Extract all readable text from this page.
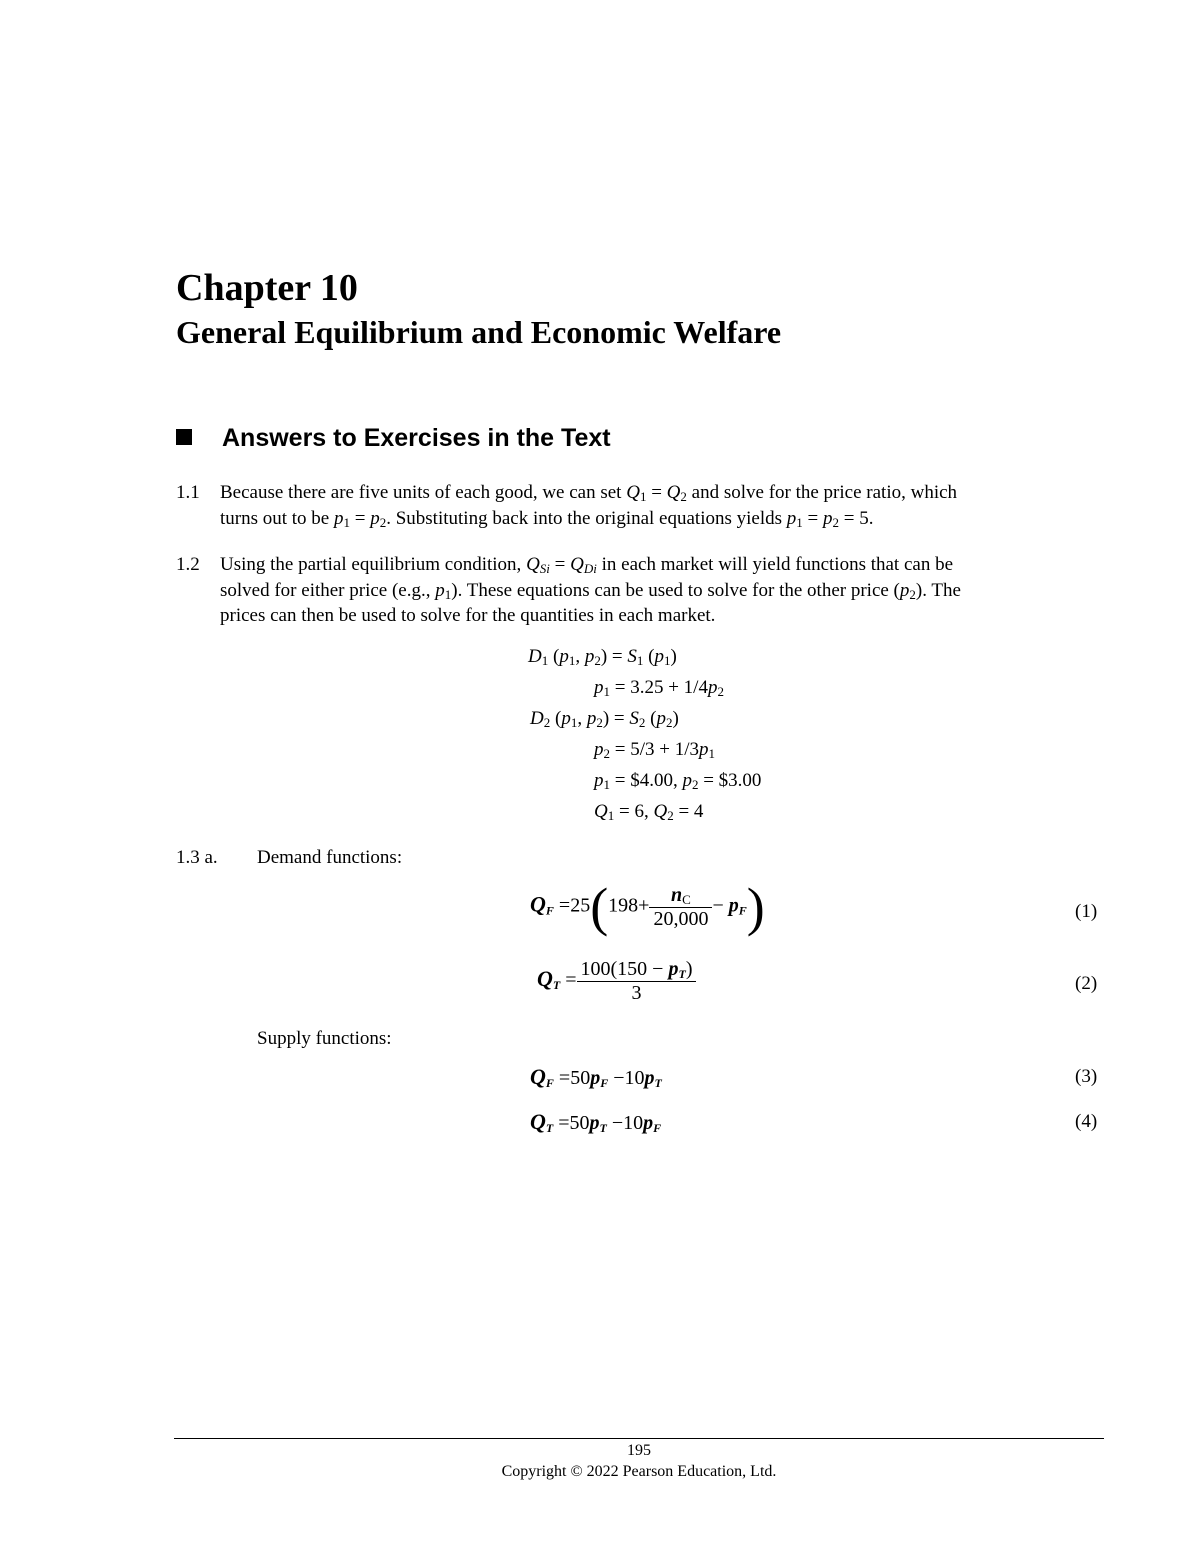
Chapter 10
General Equilibrium and Economic Welfare
Answers to Exercises in the Text
1.1 Because there are five units of each good, we can set $Q_1 = Q_2$ and solve for the price ratio, which
turns out to be $p_1 = p_2$. Substituting back into the original equations yields $p_1 = p_2 = 5$.
1.2 Using the partial equilibrium condition, $Q_{Si} = Q_{Di}$ in each market will yield functions that can be
solved for either price (e.g., $p_1$). These equations can be used to solve for the other price $(p_2)$. The
prices can then be used to solve for the quantities in each market.
$D_1$ ($p_1$, $p_2) = S_1$ $(p_1)$
$p_1 = 3.25 + 1/4p_2$
$D_2$ ($p_1$, $p_2) = S_2$ $(p_2)$
$p_2 = 5/3 + 1/3p_1$
$p_1$ = $4.00, $p_2$ = $3.00
$Q_1 = 6$, $Q_2 = 4$
1.3 a. Demand functions:
$Q_F =25(198+ \frac{n_C}{20,000} - p_F)$	(1)
$Q_T = \frac{100(150 - p_T)}{3}$	(2)
Supply functions:
$Q_F =50p_F -10p_T$	(3)
$Q_T =50p_T -10p_F$	(4)
195
Copyright © 2022 Pearson Education, Ltd.
